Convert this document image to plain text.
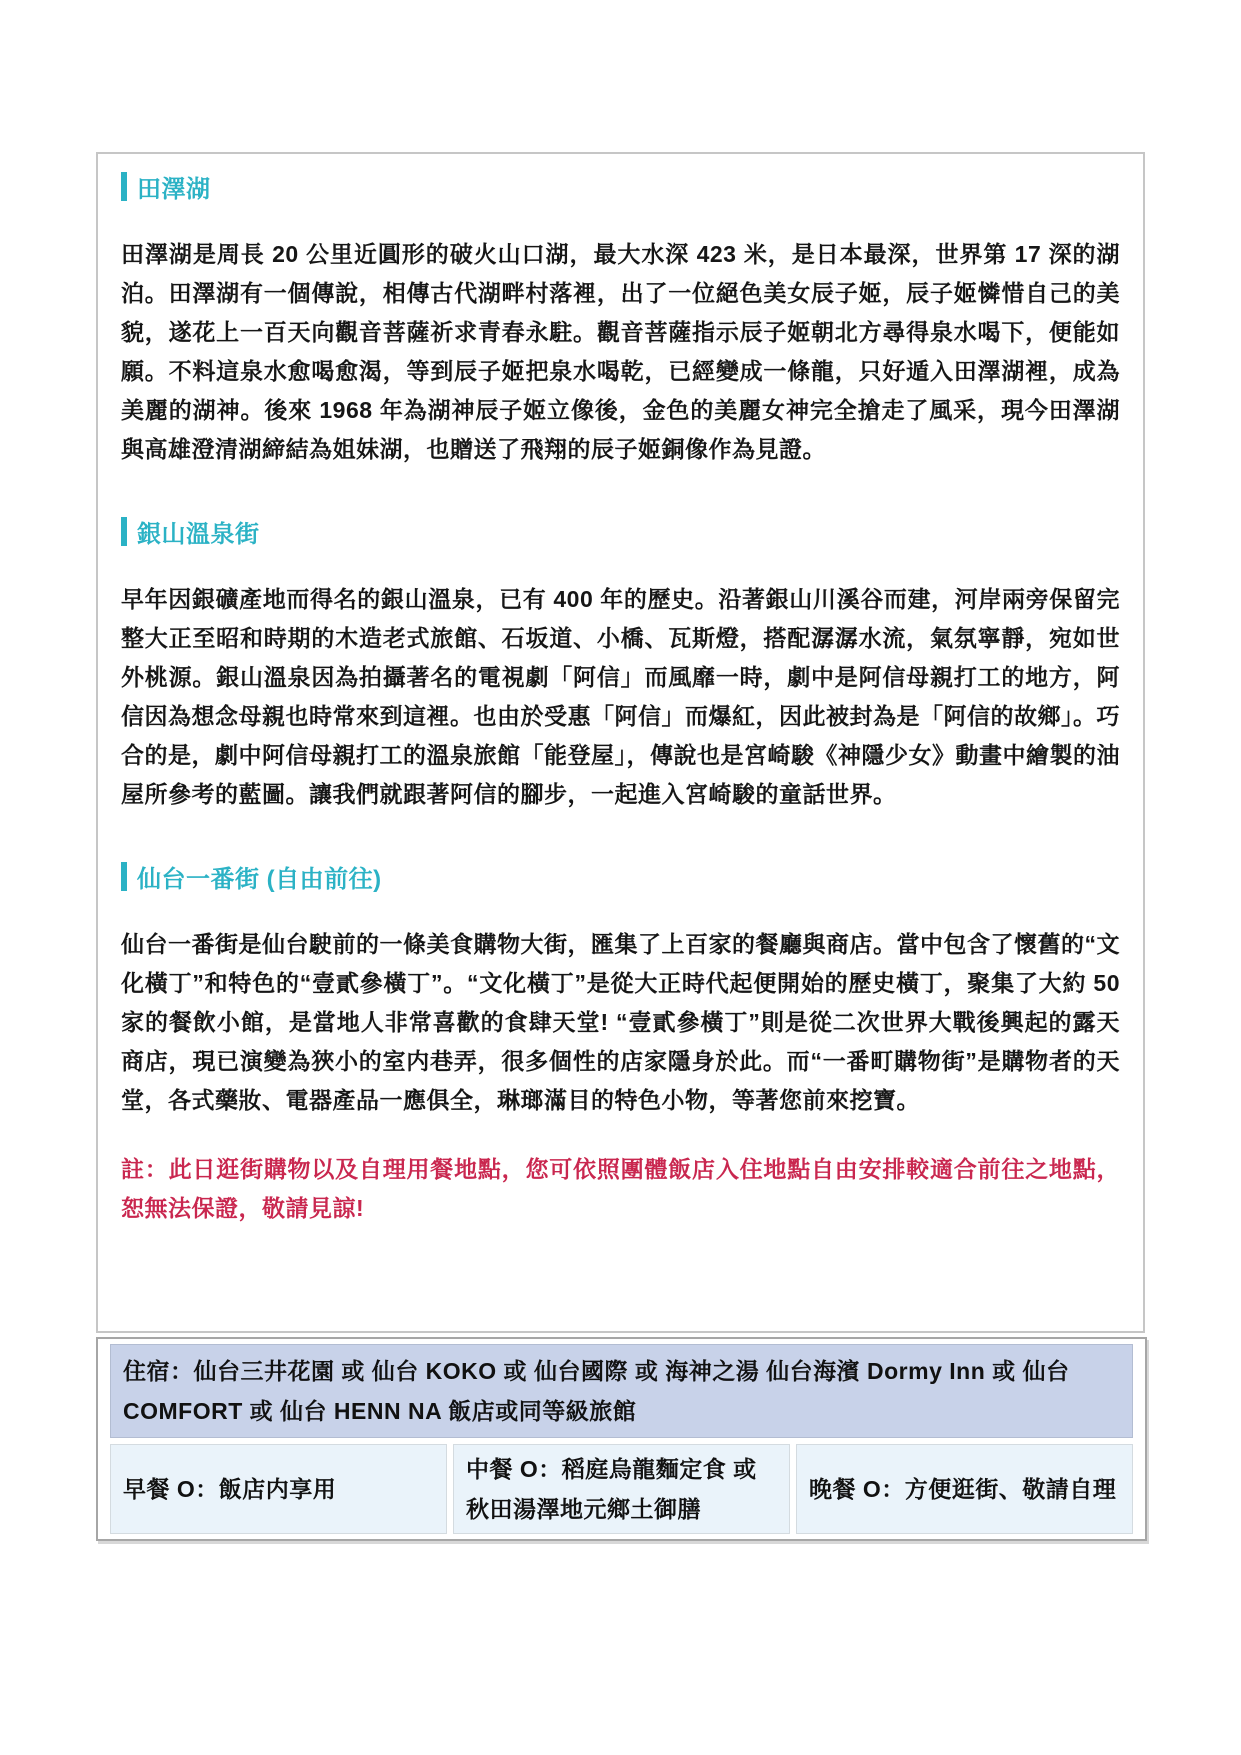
田澤湖

田澤湖是周長 20 公里近圓形的破火山口湖，最大水深 423 米，是日本最深，世界第 17 深的湖泊。田澤湖有一個傳說，相傳古代湖畔村落裡，出了一位絕色美女辰子姬，辰子姬憐惜自己的美貌，遂花上一百天向觀音菩薩祈求青春永駐。觀音菩薩指示辰子姬朝北方尋得泉水喝下，便能如願。不料這泉水愈喝愈渴，等到辰子姬把泉水喝乾，已經變成一條龍，只好遁入田澤湖裡，成為美麗的湖神。後來 1968 年為湖神辰子姬立像後，金色的美麗女神完全搶走了風采，現今田澤湖與高雄澄清湖締結為姐妹湖，也贈送了飛翔的辰子姬銅像作為見證。

銀山溫泉街

早年因銀礦產地而得名的銀山溫泉，已有 400 年的歷史。沿著銀山川溪谷而建，河岸兩旁保留完整大正至昭和時期的木造老式旅館、石坂道、小橋、瓦斯燈，搭配潺潺水流，氣氛寧靜，宛如世外桃源。銀山溫泉因為拍攝著名的電視劇「阿信」而風靡一時，劇中是阿信母親打工的地方，阿信因為想念母親也時常來到這裡。也由於受惠「阿信」而爆紅，因此被封為是「阿信的故鄉」。巧合的是，劇中阿信母親打工的溫泉旅館「能登屋」，傳說也是宮崎駿《神隱少女》動畫中繪製的油屋所參考的藍圖。讓我們就跟著阿信的腳步，一起進入宮崎駿的童話世界。

仙台一番街 (自由前往)

仙台一番街是仙台駛前的一條美食購物大街，匯集了上百家的餐廳與商店。當中包含了懷舊的“文化橫丁”和特色的“壹貳參橫丁”。“文化橫丁”是從大正時代起便開始的歷史橫丁，聚集了大約 50 家的餐飲小館，是當地人非常喜歡的食肆天堂! “壹貳參橫丁”則是從二次世界大戰後興起的露天商店，現已演變為狹小的室内巷弄，很多個性的店家隱身於此。而“一番町購物街”是購物者的天堂，各式藥妝、電器產品一應俱全，琳瑯滿目的特色小物，等著您前來挖寶。

註：此日逛街購物以及自理用餐地點，您可依照團體飯店入住地點自由安排較適合前往之地點，恕無法保證，敬請見諒!

住宿：仙台三井花園 或 仙台 KOKO 或 仙台國際 或 海神之湯 仙台海濱 Dormy Inn 或 仙台 COMFORT 或 仙台 HENN NA 飯店或同等級旅館
早餐 O：飯店内享用
中餐 O：稻庭烏龍麵定食 或 秋田湯澤地元鄉土御膳
晚餐 O：方便逛街、敬請自理
